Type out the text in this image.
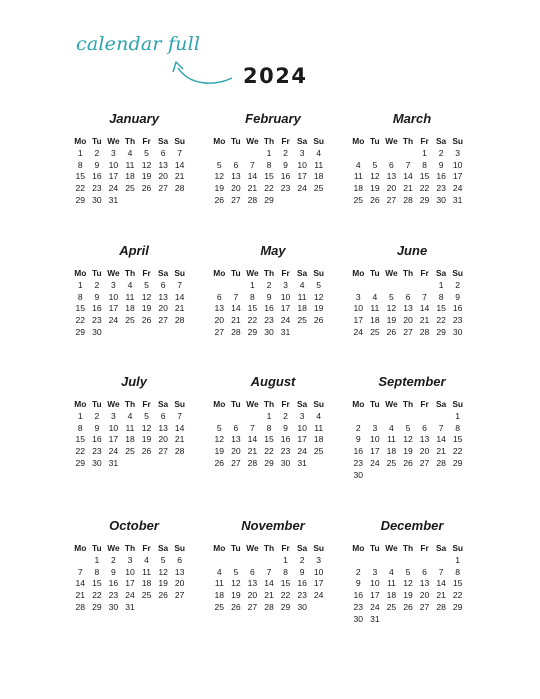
calendar full
2024
January
Mo	Tu	We	Th	Fr	Sa	Su
1	2	3	4	5	6	7
8	9	10	11	12	13	14
15	16	17	18	19	20	21
22	23	24	25	26	27	28
29	30	31				
February
Mo	Tu	We	Th	Fr	Sa	Su
			1	2	3	4
5	6	7	8	9	10	11
12	13	14	15	16	17	18
19	20	21	22	23	24	25
26	27	28	29			
March
Mo	Tu	We	Th	Fr	Sa	Su
				1	2	3
4	5	6	7	8	9	10
11	12	13	14	15	16	17
18	19	20	21	22	23	24
25	26	27	28	29	30	31
April
Mo	Tu	We	Th	Fr	Sa	Su
1	2	3	4	5	6	7
8	9	10	11	12	13	14
15	16	17	18	19	20	21
22	23	24	25	26	27	28
29	30					
May
Mo	Tu	We	Th	Fr	Sa	Su
		1	2	3	4	5
6	7	8	9	10	11	12
13	14	15	16	17	18	19
20	21	22	23	24	25	26
27	28	29	30	31		
June
Mo	Tu	We	Th	Fr	Sa	Su
					1	2
3	4	5	6	7	8	9
10	11	12	13	14	15	16
17	18	19	20	21	22	23
24	25	26	27	28	29	30
July
Mo	Tu	We	Th	Fr	Sa	Su
1	2	3	4	5	6	7
8	9	10	11	12	13	14
15	16	17	18	19	20	21
22	23	24	25	26	27	28
29	30	31				
August
Mo	Tu	We	Th	Fr	Sa	Su
			1	2	3	4
5	6	7	8	9	10	11
12	13	14	15	16	17	18
19	20	21	22	23	24	25
26	27	28	29	30	31	
September
Mo	Tu	We	Th	Fr	Sa	Su
						1
2	3	4	5	6	7	8
9	10	11	12	13	14	15
16	17	18	19	20	21	22
23	24	25	26	27	28	29
30						
October
Mo	Tu	We	Th	Fr	Sa	Su
	1	2	3	4	5	6
7	8	9	10	11	12	13
14	15	16	17	18	19	20
21	22	23	24	25	26	27
28	29	30	31			
November
Mo	Tu	We	Th	Fr	Sa	Su
				1	2	3
4	5	6	7	8	9	10
11	12	13	14	15	16	17
18	19	20	21	22	23	24
25	26	27	28	29	30	
December
Mo	Tu	We	Th	Fr	Sa	Su
						1
2	3	4	5	6	7	8
9	10	11	12	13	14	15
16	17	18	19	20	21	22
23	24	25	26	27	28	29
30	31					
